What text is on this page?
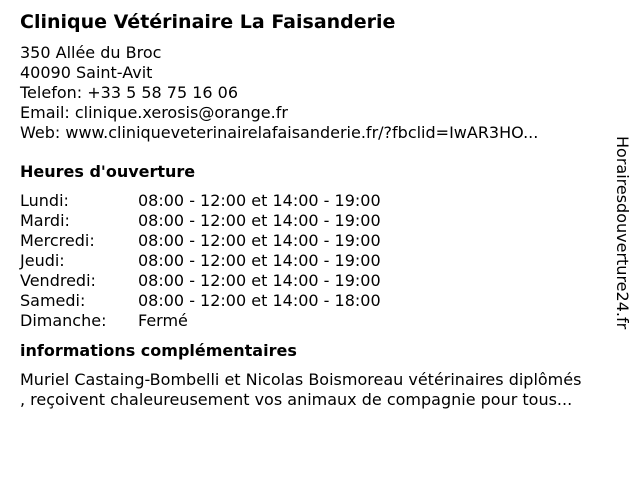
Clinique Vétérinaire La Faisanderie
350 Allée du Broc
40090 Saint-Avit
Telefon: +33 5 58 75 16 06
Email: clinique.xerosis@orange.fr
Web: www.cliniqueveterinairelafaisanderie.fr/?fbclid=IwAR3HO...
Heures d'ouverture
Lundi:	08:00 - 12:00 et 14:00 - 19:00
Mardi:	08:00 - 12:00 et 14:00 - 19:00
Mercredi:	08:00 - 12:00 et 14:00 - 19:00
Jeudi:	08:00 - 12:00 et 14:00 - 19:00
Vendredi:	08:00 - 12:00 et 14:00 - 19:00
Samedi:	08:00 - 12:00 et 14:00 - 18:00
Dimanche:	Fermé
informations complémentaires
Muriel Castaing-Bombelli et Nicolas Boismoreau vétérinaires diplômés
, reçoivent chaleureusement vos animaux de compagnie pour tous...
Horairesdouverture24.fr
